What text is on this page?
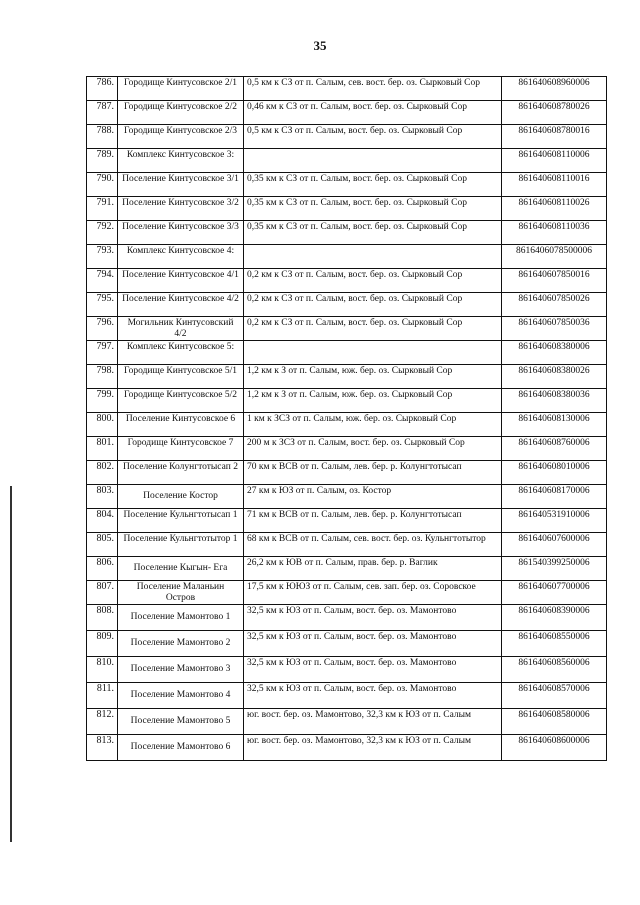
35
786.	Городище Кинтусовское 2/1	0,5 км к СЗ от п. Салым, сев. вост. бер. оз. Сырковый Сор	861640608960006
787.	Городище Кинтусовское 2/2	0,46 км к СЗ от п. Салым, вост. бер. оз. Сырковый Сор	861640608780026
788.	Городище Кинтусовское 2/3	0,5 км к СЗ от п. Салым, вост. бер. оз. Сырковый Сор	861640608780016
789.	Комплекс Кинтусовское 3:		861640608110006
790.	Поселение Кинтусовское 3/1	0,35 км к СЗ от п. Салым, вост. бер. оз. Сырковый Сор	861640608110016
791.	Поселение Кинтусовское 3/2	0,35 км к СЗ от п. Салым, вост. бер. оз. Сырковый Сор	861640608110026
792.	Поселение Кинтусовское 3/3	0,35 км к СЗ от п. Салым, вост. бер. оз. Сырковый Сор	861640608110036
793.	Комплекс Кинтусовское 4:		8616406078500006
794.	Поселение Кинтусовское 4/1	0,2 км к СЗ от п. Салым, вост. бер. оз. Сырковый Сор	861640607850016
795.	Поселение Кинтусовское 4/2	0,2 км к СЗ от п. Салым, вост. бер. оз. Сырковый Сор	861640607850026
796.	Могильник Кинтусовский 4/2	0,2 км к СЗ от п. Салым, вост. бер. оз. Сырковый Сор	861640607850036
797.	Комплекс Кинтусовское 5:		861640608380006
798.	Городище Кинтусовское 5/1	1,2 км к З от п. Салым, юж. бер. оз. Сырковый Сор	861640608380026
799.	Городище Кинтусовское 5/2	1,2 км к З от п. Салым, юж. бер. оз. Сырковый Сор	861640608380036
800.	Поселение Кинтусовское 6	1 км к ЗСЗ от п. Салым, юж. бер. оз. Сырковый Сор	861640608130006
801.	Городище Кинтусовское 7	200 м к ЗСЗ от п. Салым, вост. бер. оз. Сырковый Сор	861640608760006
802.	Поселение Колунгтотысап 2	70 км к ВСВ от п. Салым, лев. бер. р. Колунгтотысап	861640608010006
803.	Поселение Костор	27 км к ЮЗ от п. Салым, оз. Костор	861640608170006
804.	Поселение Кульнгтотысап 1	71 км к ВСВ от п. Салым, лев. бер. р. Колунгтотысап	861640531910006
805.	Поселение Кульнгтотытор 1	68 км к ВСВ от п. Салым, сев. вост. бер. оз. Кульнгтотытор	861640607600006
806.	Поселение Кыгын- Ега	26,2 км к ЮВ от п. Салым, прав. бер. р. Ваглик	861540399250006
807.	Поселение Маланьин Остров	17,5 км к ЮЮЗ от п. Салым, сев. зап. бер. оз. Соровское	861640607700006
808.	Поселение Мамонтово 1	32,5 км к ЮЗ от п. Салым, вост. бер. оз. Мамонтово	861640608390006
809.	Поселение Мамонтово 2	32,5 км к ЮЗ от п. Салым, вост. бер. оз. Мамонтово	861640608550006
810.	Поселение Мамонтово 3	32,5 км к ЮЗ от п. Салым, вост. бер. оз. Мамонтово	861640608560006
811.	Поселение Мамонтово 4	32,5 км к ЮЗ от п. Салым, вост. бер. оз. Мамонтово	861640608570006
812.	Поселение Мамонтово 5	юг. вост. бер. оз. Мамонтово, 32,3 км к ЮЗ от п. Салым	861640608580006
813.	Поселение Мамонтово 6	юг. вост. бер. оз. Мамонтово, 32,3 км к ЮЗ от п. Салым	861640608600006
